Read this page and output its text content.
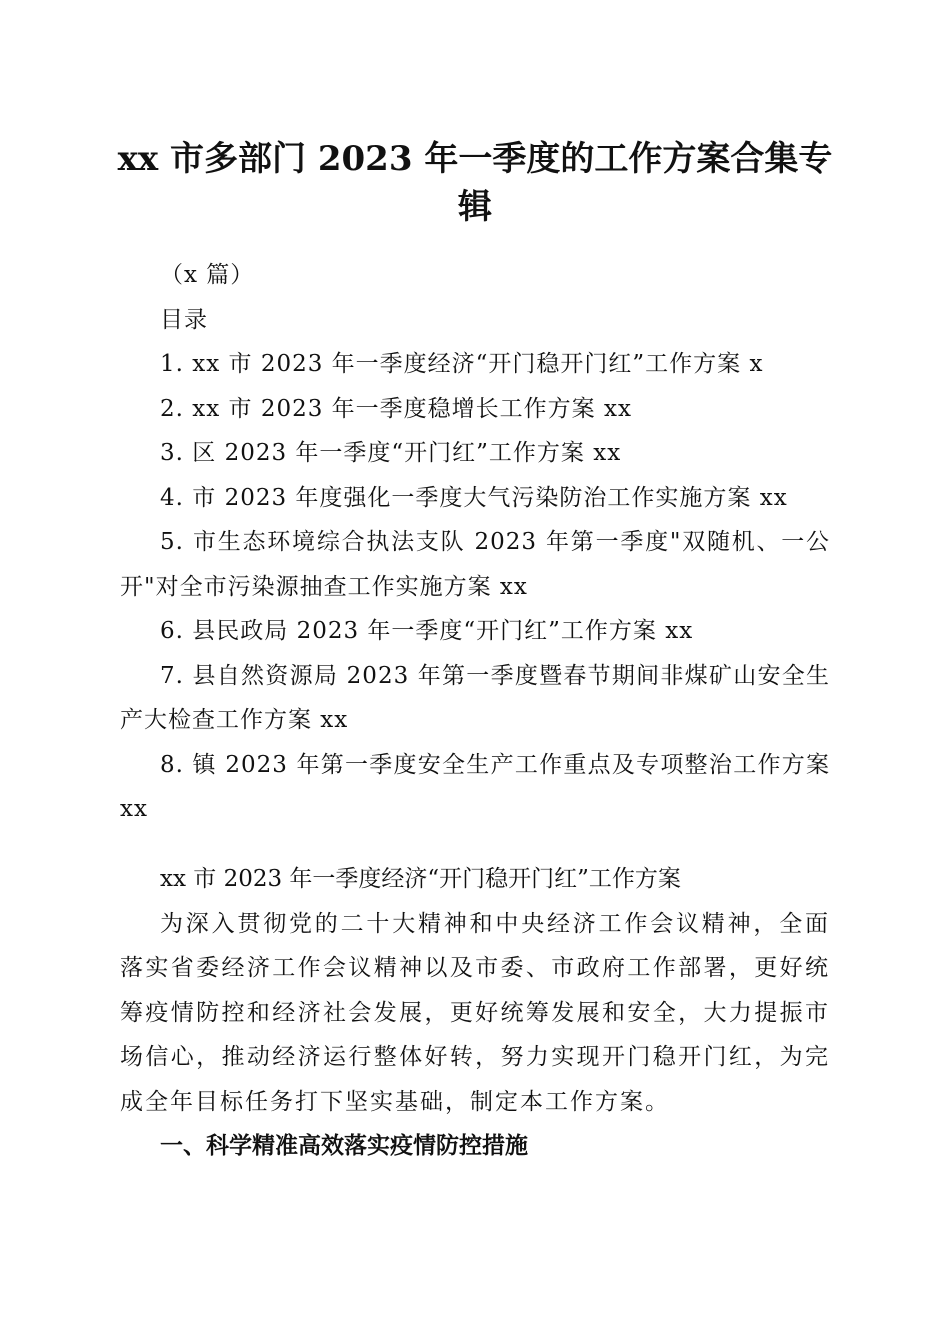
xx 市多部门 2023 年一季度的工作方案合集专辑
（x 篇）
目录
1. xx 市 2023 年一季度经济“开门稳开门红”工作方案 x
2. xx 市 2023 年一季度稳增长工作方案 xx
3. 区 2023 年一季度“开门红”工作方案 xx
4. 市 2023 年度强化一季度大气污染防治工作实施方案 xx
5. 市生态环境综合执法支队 2023 年第一季度"双随机、一公开"对全市污染源抽查工作实施方案 xx
6. 县民政局 2023 年一季度“开门红”工作方案 xx
7. 县自然资源局 2023 年第一季度暨春节期间非煤矿山安全生产大检查工作方案 xx
8. 镇 2023 年第一季度安全生产工作重点及专项整治工作方案 xx
xx 市 2023 年一季度经济“开门稳开门红”工作方案
为深入贯彻党的二十大精神和中央经济工作会议精神，全面落实省委经济工作会议精神以及市委、市政府工作部署，更好统筹疫情防控和经济社会发展，更好统筹发展和安全，大力提振市场信心，推动经济运行整体好转，努力实现开门稳开门红，为完成全年目标任务打下坚实基础，制定本工作方案。
一、科学精准高效落实疫情防控措施
